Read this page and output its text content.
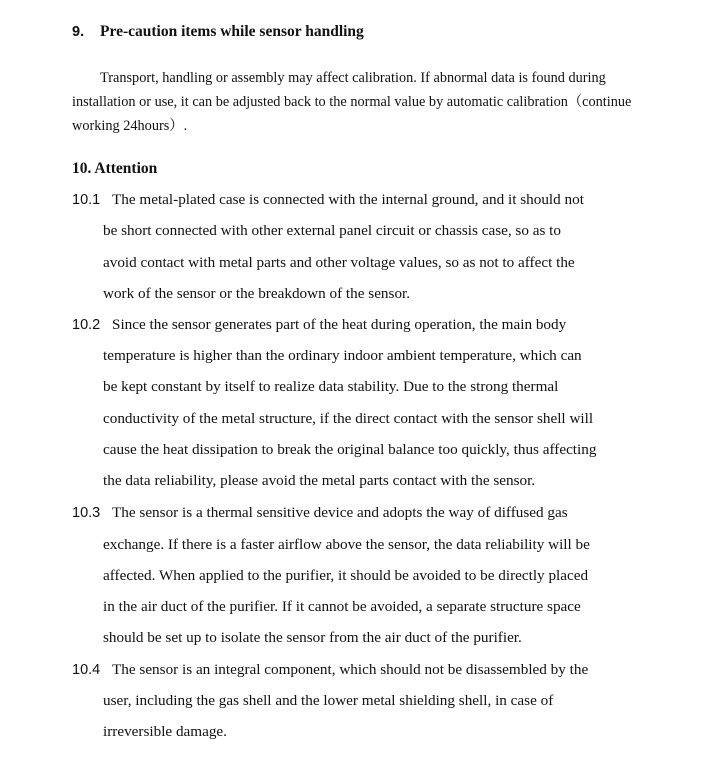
9. Pre-caution items while sensor handling
Transport, handling or assembly may affect calibration. If abnormal data is found during installation or use, it can be adjusted back to the normal value by automatic calibration（continue working 24hours）.
10. Attention
10.1 The metal-plated case is connected with the internal ground, and it should not
be short connected with other external panel circuit or chassis case, so as to
avoid contact with metal parts and other voltage values, so as not to affect the
work of the sensor or the breakdown of the sensor.
10.2 Since the sensor generates part of the heat during operation, the main body
temperature is higher than the ordinary indoor ambient temperature, which can
be kept constant by itself to realize data stability. Due to the strong thermal
conductivity of the metal structure, if the direct contact with the sensor shell will
cause the heat dissipation to break the original balance too quickly, thus affecting
the data reliability, please avoid the metal parts contact with the sensor.
10.3 The sensor is a thermal sensitive device and adopts the way of diffused gas
exchange. If there is a faster airflow above the sensor, the data reliability will be
affected. When applied to the purifier, it should be avoided to be directly placed
in the air duct of the purifier. If it cannot be avoided, a separate structure space
should be set up to isolate the sensor from the air duct of the purifier.
10.4 The sensor is an integral component, which should not be disassembled by the
user, including the gas shell and the lower metal shielding shell, in case of
irreversible damage.
